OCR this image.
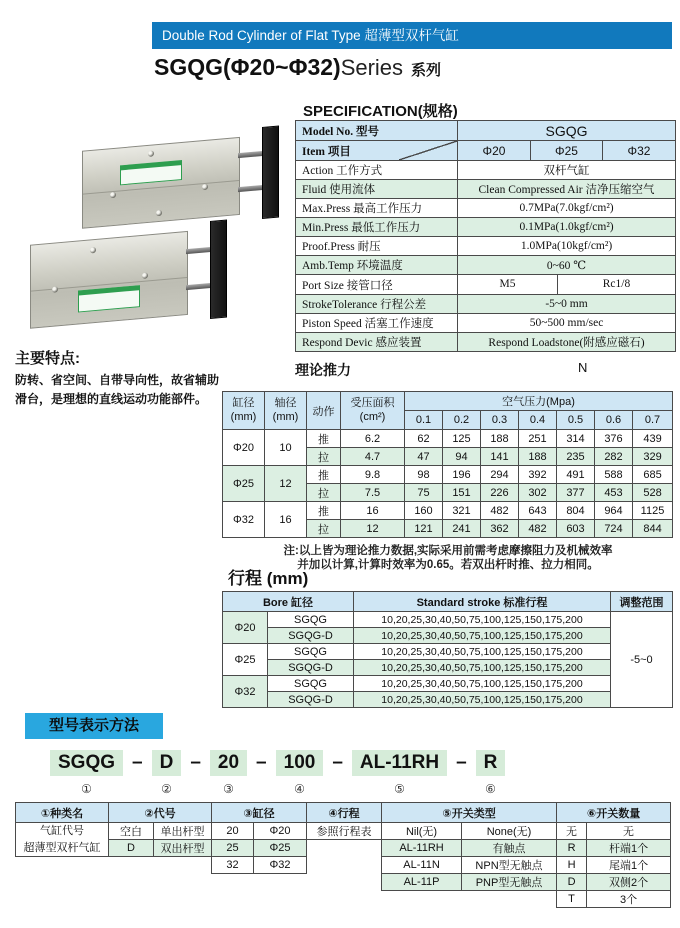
Double Rod Cylinder of Flat Type 超薄型双杆气缸
SGQG(Φ20~Φ32)Series 系列
主要特点:
防转、省空间、自带导向性，故省辅助
滑台，是理想的直线运动功能部件。
SPECIFICATION(规格)
Model No. 型号	SGQG		
Item 项目	Φ20	Φ25	Φ32
Action 工作方式	双杆气缸		
Fluid 使用流体	Clean Compressed Air 洁净压缩空气		
Max.Press 最高工作压力	0.7MPa(7.0kgf/cm²)		
Min.Press 最低工作压力	0.1MPa(1.0kgf/cm²)		
Proof.Press 耐压	1.0MPa(10kgf/cm²)		
Amb.Temp 环境温度	0~60 ℃		
Port Size 接管口径	M5 Rc1/8		

StrokeTolerance 行程公差	-5~0 mm		
Piston Speed 活塞工作速度	50~500 mm/sec		
Respond Devic 感应装置	Respond Loadstone(附感应磁石)		
理论推力	N
缸径 (mm)	轴径 (mm)	动作	受压面积 (cm²)	空气压力(Mpa)						
				0.1	0.2	0.3	0.4	0.5	0.6	0.7
Φ20	10	推	6.2	62	125	188	251	314	376	439
		拉	4.7	47	94	141	188	235	282	329
Φ25	12	推	9.8	98	196	294	392	491	588	685
		拉	7.5	75	151	226	302	377	453	528
Φ32	16	推	16	160	321	482	643	804	964	1125
		拉	12	121	241	362	482	603	724	844
注:以上皆为理论推力数据,实际采用前需考虑摩擦阻力及机械效率
并加以计算,计算时效率为0.65。若双出杆时推、拉力相同。
行程 (mm)
Bore 缸径		Standard stroke 标准行程	调整范围
Φ20	SGQG	10,20,25,30,40,50,75,100,125,150,175,200	-5~0
	SGQG-D	10,20,25,30,40,50,75,100,125,150,175,200	
Φ25	SGQG	10,20,25,30,40,50,75,100,125,150,175,200	
	SGQG-D	10,20,25,30,40,50,75,100,125,150,175,200	
Φ32	SGQG	10,20,25,30,40,50,75,100,125,150,175,200	
	SGQG-D	10,20,25,30,40,50,75,100,125,150,175,200	
型号表示方法
SGQG
①
– D
②
– 20
③
– 100
④
– AL-11RH
⑤
– R
⑥
①种类名	②代号		③缸径		④行程	⑤开关类型		⑥开关数量	
气缸代号
超薄型双杆气缸	空白	单出杆型	20	Φ20	参照行程表	Nil(无)	None(无)	无	无
	D	双出杆型	25	Φ25		AL-11RH	有触点	R	杆端1个
			32	Φ32		AL-11N	NPN型无触点	H	尾端1个
						AL-11P	PNP型无触点	D	双侧2个
								T	3个
